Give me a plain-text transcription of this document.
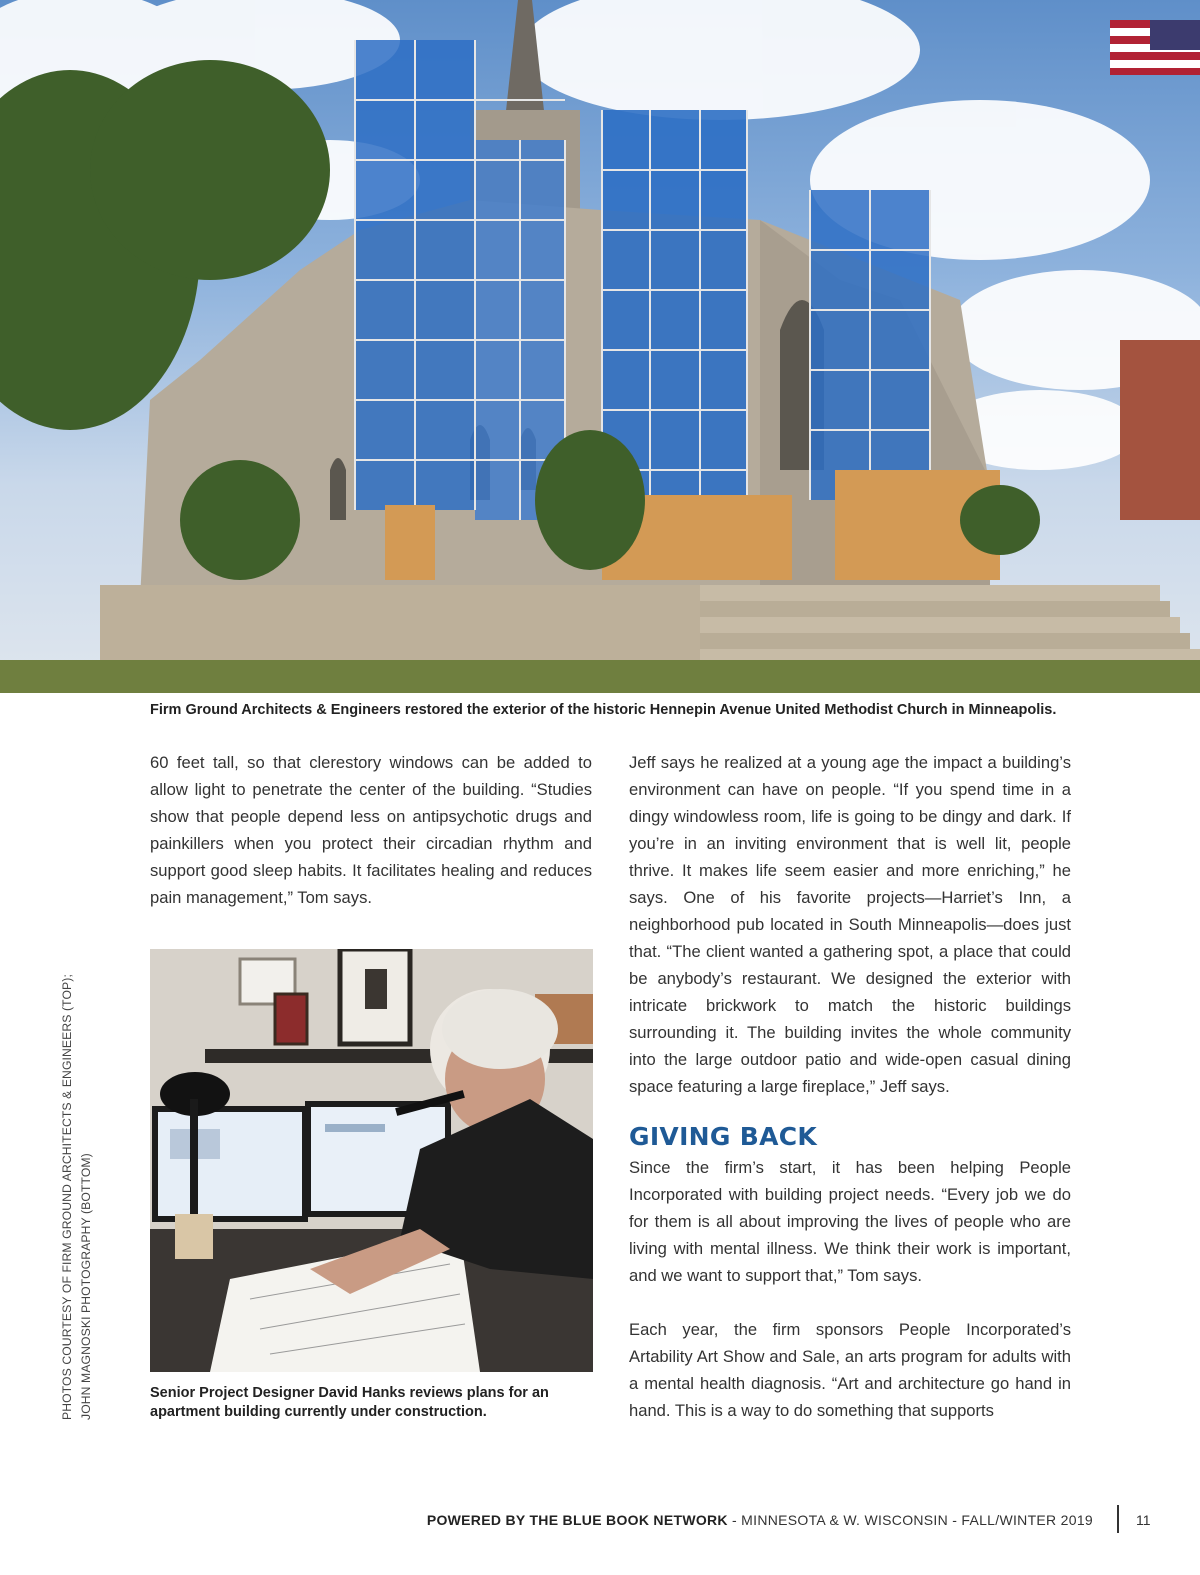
Firm Ground Architects & Engineers restored the exterior of the historic Hennepin Avenue United Methodist Church in Minneapolis.

60 feet tall, so that clerestory windows can be added to allow light to penetrate the center of the building. “Studies show that people depend less on antipsychotic drugs and painkillers when you protect their circadian rhythm and support good sleep habits. It facilitates healing and reduces pain management,” Tom says.

Senior Project Designer David Hanks reviews plans for an apartment building currently under construction.
PHOTOS COURTESY OF FIRM GROUND ARCHITECTS & ENGINEERS (TOP); JOHN MAGNOSKI PHOTOGRAPHY (BOTTOM)

Jeff says he realized at a young age the impact a building’s environment can have on people. “If you spend time in a dingy windowless room, life is going to be dingy and dark. If you’re in an inviting environment that is well lit, people thrive. It makes life seem easier and more enriching,” he says. One of his favorite projects—Harriet’s Inn, a neighborhood pub located in South Minneapolis—does just that. “The client wanted a gathering spot, a place that could be anybody’s restaurant. We designed the exterior with intricate brickwork to match the historic buildings surrounding it. The building invites the whole community into the large outdoor patio and wide-open casual dining space featuring a large fireplace,” Jeff says.

GIVING BACK

Since the firm’s start, it has been helping People Incorporated with building project needs. “Every job we do for them is all about improving the lives of people who are living with mental illness. We think their work is important, and we want to support that,” Tom says.

Each year, the firm sponsors People Incorporated’s Artability Art Show and Sale, an arts program for adults with a mental health diagnosis. “Art and architecture go hand in hand. This is a way to do something that supports

POWERED BY THE BLUE BOOK NETWORK - MINNESOTA & W. WISCONSIN - FALL/WINTER 2019	11
